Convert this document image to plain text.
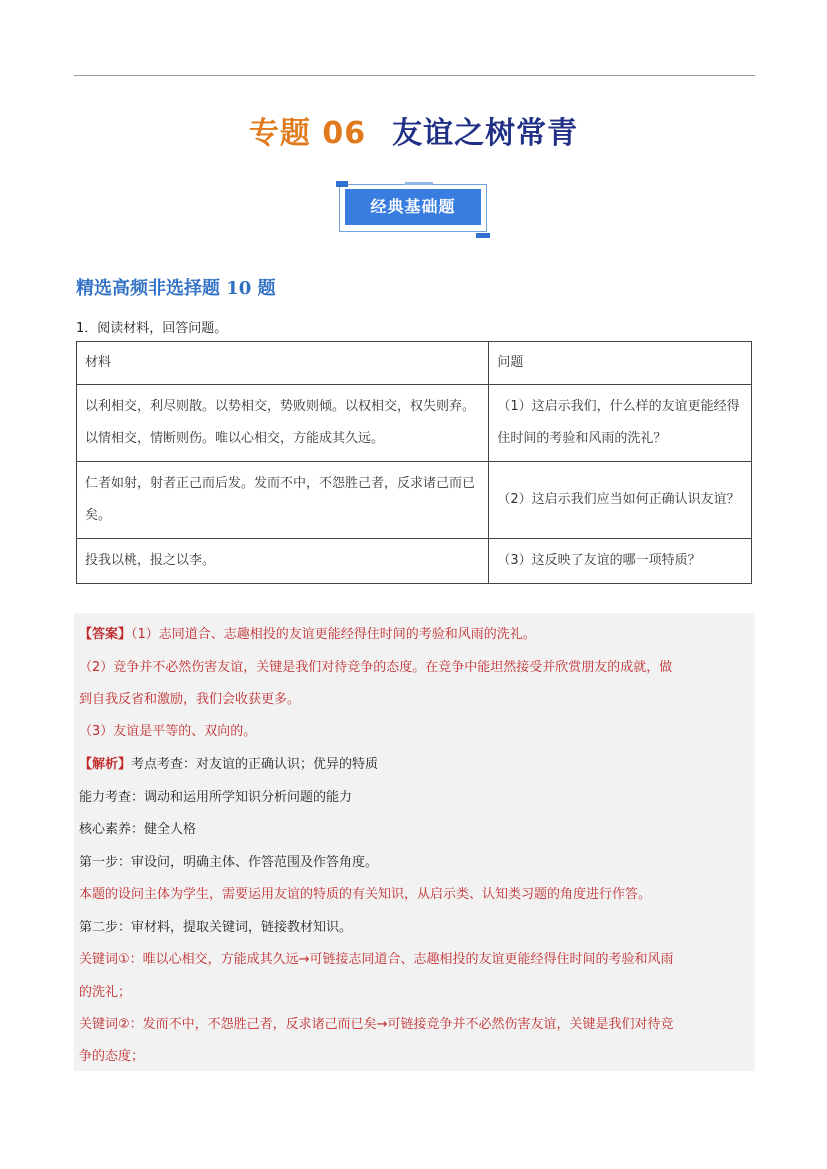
专题 06 友谊之树常青
经典基础题
精选高频非选择题 10 题
1．阅读材料，回答问题。
材料	问题
以利相交，利尽则散。以势相交，势败则倾。以权相交，权失则弃。以情相交，情断则伤。唯以心相交，方能成其久远。	（1）这启示我们，什么样的友谊更能经得住时间的考验和风雨的洗礼？
仁者如射，射者正己而后发。发而不中，不怨胜己者，反求诸己而已矣。	（2）这启示我们应当如何正确认识友谊？
投我以桃，报之以李。	（3）这反映了友谊的哪一项特质？
【答案】（1）志同道合、志趣相投的友谊更能经得住时间的考验和风雨的洗礼。
（2）竞争并不必然伤害友谊，关键是我们对待竞争的态度。在竞争中能坦然接受并欣赏朋友的成就，做
到自我反省和激励，我们会收获更多。
（3）友谊是平等的、双向的。
【解析】考点考查：对友谊的正确认识；优异的特质
能力考查：调动和运用所学知识分析问题的能力
核心素养：健全人格
第一步：审设问，明确主体、作答范围及作答角度。
本题的设问主体为学生，需要运用友谊的特质的有关知识，从启示类、认知类习题的角度进行作答。
第二步：审材料，提取关键词，链接教材知识。
关键词①：唯以心相交，方能成其久远→可链接志同道合、志趣相投的友谊更能经得住时间的考验和风雨
的洗礼；
关键词②：发而不中，不怨胜己者，反求诸己而已矣→可链接竞争并不必然伤害友谊，关键是我们对待竞
争的态度；
